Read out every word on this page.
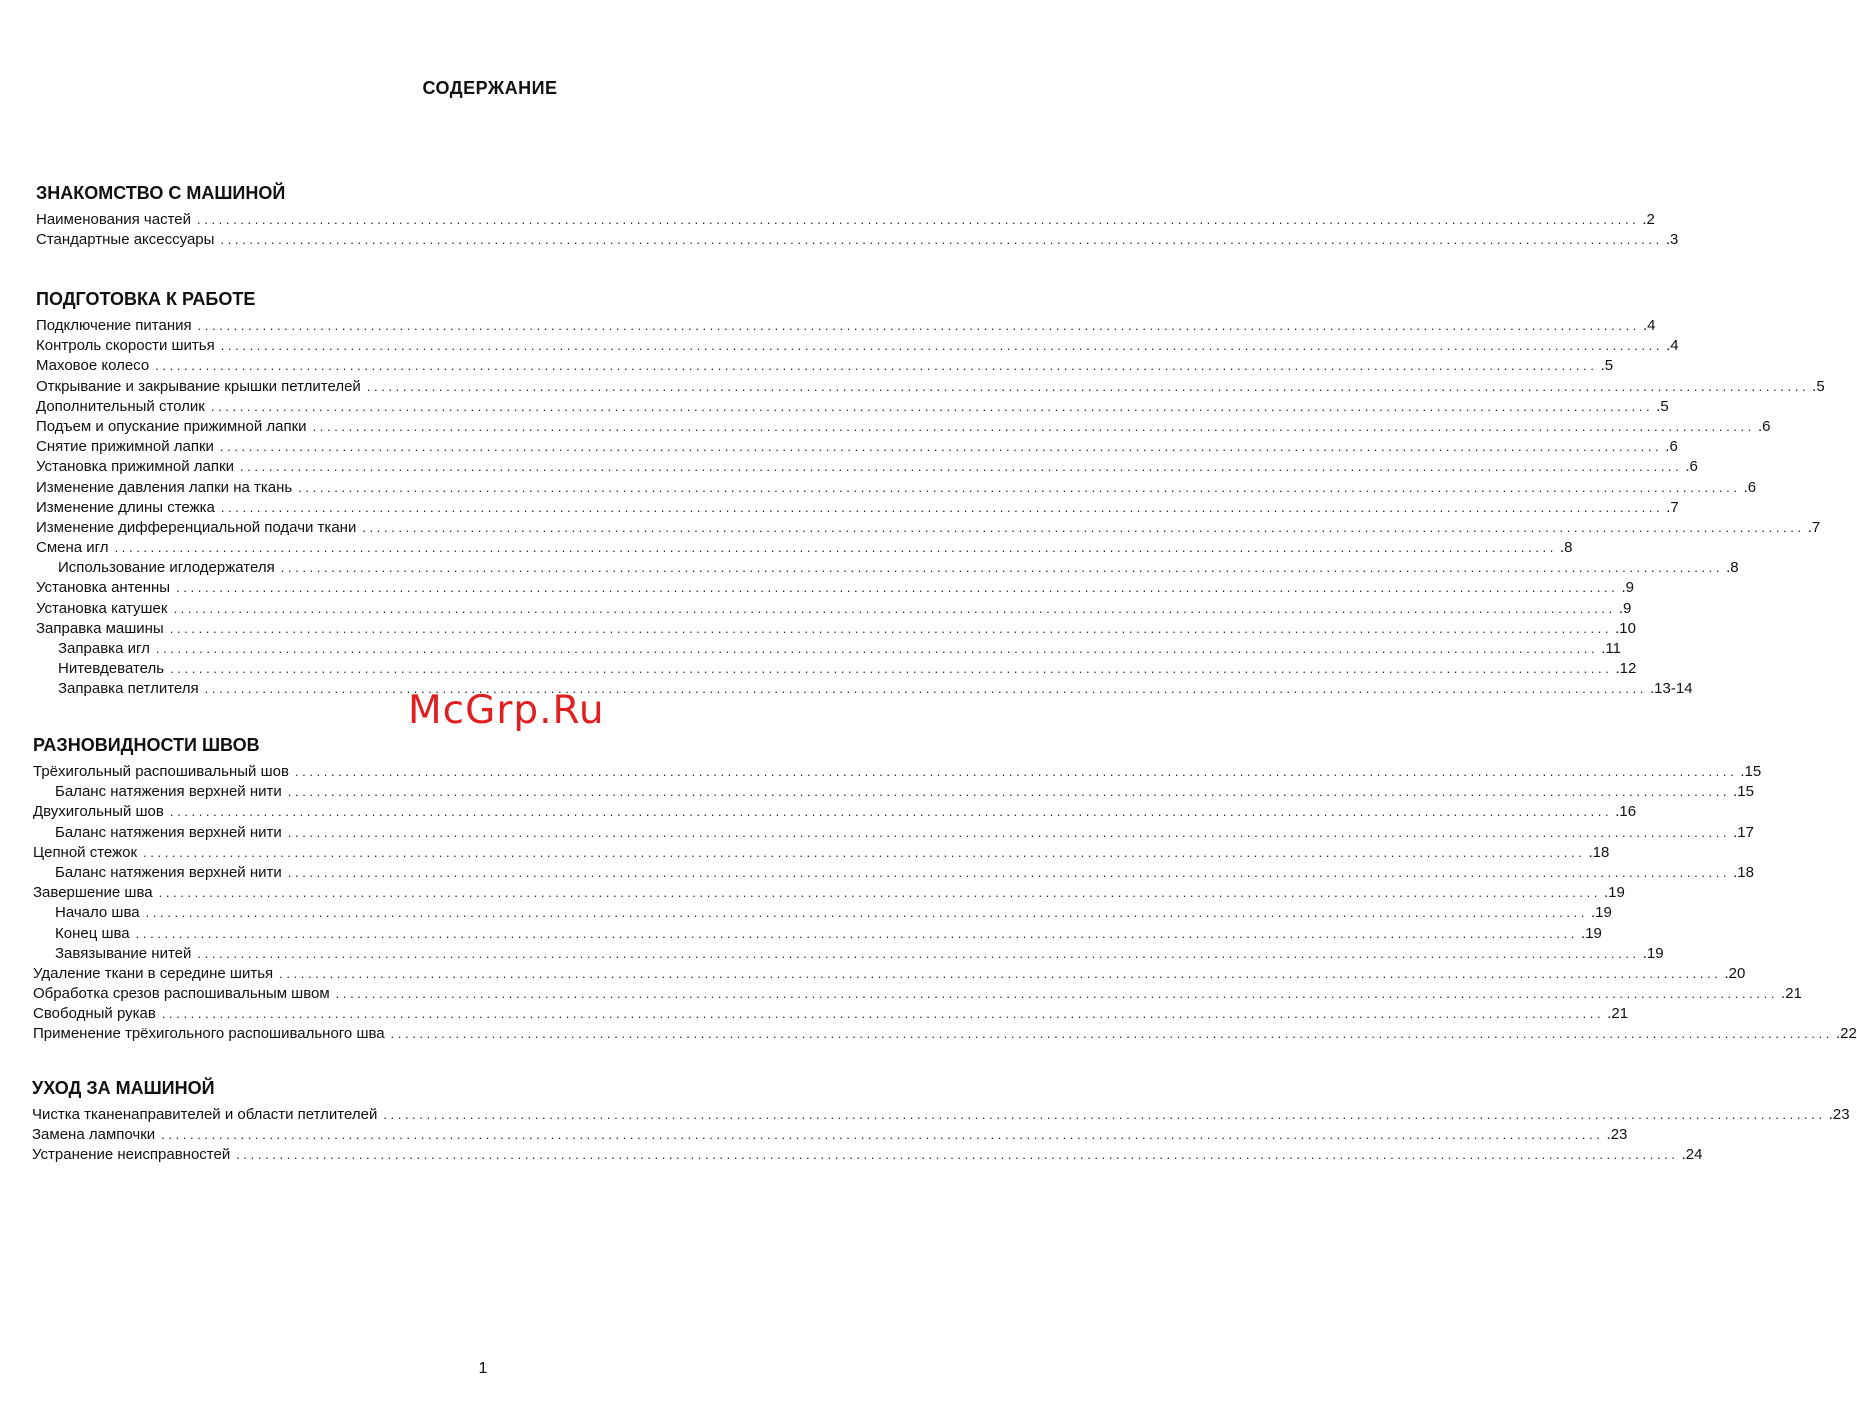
СОДЕРЖАНИЕ
ЗНАКОМСТВО С МАШИНОЙ
Наименования частей ........................................................................................................................................................................................................ .2
Стандартные аксессуары ........................................................................................................................................................................................................ .3
ПОДГОТОВКА К РАБОТЕ
Подключение питания ........................................................................................................................................................................................................ .4
Контроль скорости шитья ........................................................................................................................................................................................................ .4
Маховое колесо ........................................................................................................................................................................................................ .5
Открывание и закрывание крышки петлителей ........................................................................................................................................................................................................ .5
Дополнительный столик ........................................................................................................................................................................................................ .5
Подъем и опускание прижимной лапки ........................................................................................................................................................................................................ .6
Снятие прижимной лапки ........................................................................................................................................................................................................ .6
Установка прижимной лапки ........................................................................................................................................................................................................ .6
Изменение давления лапки на ткань ........................................................................................................................................................................................................ .6
Изменение длины стежка ........................................................................................................................................................................................................ .7
Изменение дифференциальной подачи ткани ........................................................................................................................................................................................................ .7
Смена игл ........................................................................................................................................................................................................ .8
Использование иглодержателя ........................................................................................................................................................................................................ .8
Установка антенны ........................................................................................................................................................................................................ .9
Установка катушек ........................................................................................................................................................................................................ .9
Заправка машины ........................................................................................................................................................................................................ .10
Заправка игл ........................................................................................................................................................................................................ .11
Нитевдеватель ........................................................................................................................................................................................................ .12
Заправка петлителя ........................................................................................................................................................................................................ .13-14
РАЗНОВИДНОСТИ ШВОВ
Трёхигольный распошивальный шов ........................................................................................................................................................................................................ .15
Баланс натяжения верхней нити ........................................................................................................................................................................................................ .15
Двухигольный шов ........................................................................................................................................................................................................ .16
Баланс натяжения верхней нити ........................................................................................................................................................................................................ .17
Цепной стежок ........................................................................................................................................................................................................ .18
Баланс натяжения верхней нити ........................................................................................................................................................................................................ .18
Завершение шва ........................................................................................................................................................................................................ .19
Начало шва ........................................................................................................................................................................................................ .19
Конец шва ........................................................................................................................................................................................................ .19
Завязывание нитей ........................................................................................................................................................................................................ .19
Удаление ткани в середине шитья ........................................................................................................................................................................................................ .20
Обработка срезов распошивальным швом ........................................................................................................................................................................................................ .21
Свободный рукав ........................................................................................................................................................................................................ .21
Применение трёхигольного распошивального шва ........................................................................................................................................................................................................ .22
УХОД ЗА МАШИНОЙ
Чистка тканенаправителей и области петлителей ........................................................................................................................................................................................................ .23
Замена лампочки ........................................................................................................................................................................................................ .23
Устранение неисправностей ........................................................................................................................................................................................................ .24
McGrp.Ru
1
